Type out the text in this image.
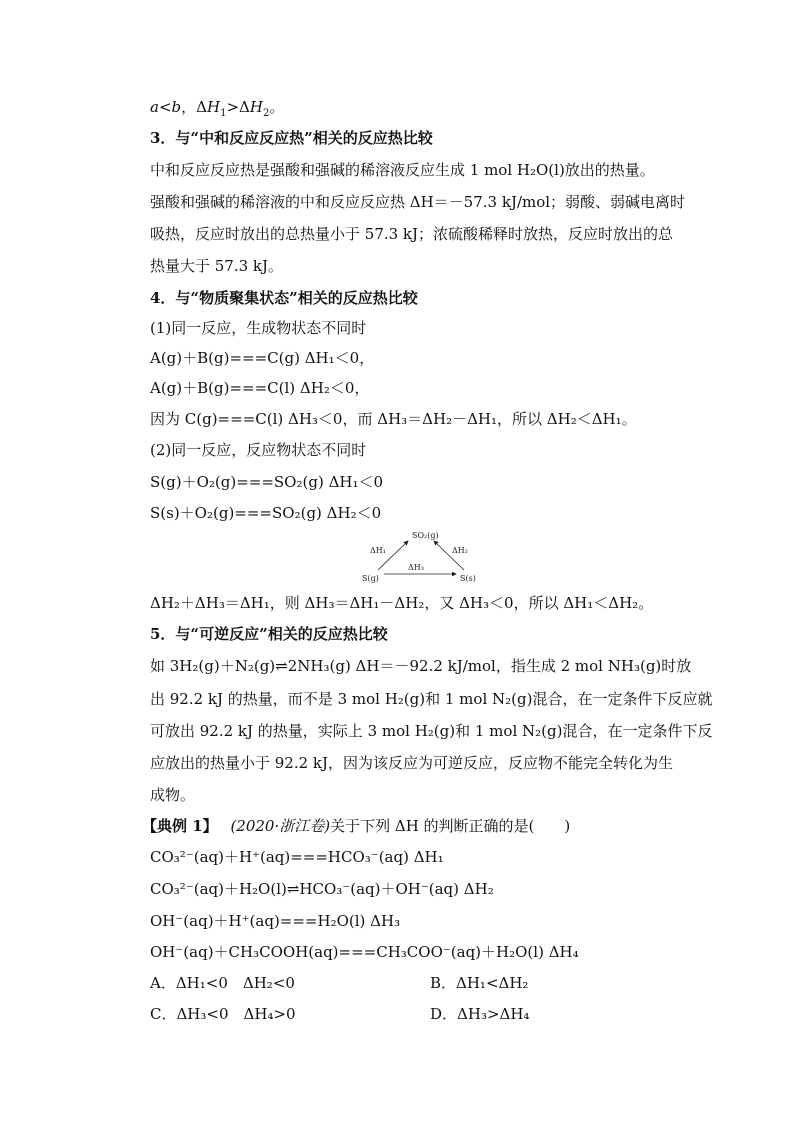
a<b，$\Delta H_1>\Delta H_2$。
3．与“中和反应反应热”相关的反应热比较
中和反应反应热是强酸和强碱的稀溶液反应生成 1 mol H₂O(l)放出的热量。
强酸和强碱的稀溶液的中和反应反应热 ΔH＝－57.3 kJ/mol；弱酸、弱碱电离时
吸热，反应时放出的总热量小于 57.3 kJ；浓硫酸稀释时放热，反应时放出的总
热量大于 57.3 kJ。
4．与“物质聚集状态”相关的反应热比较
(1)同一反应，生成物状态不同时
A(g)＋B(g)===C(g) ΔH₁＜0，
A(g)＋B(g)===C(l) ΔH₂＜0，
因为 C(g)===C(l) ΔH₃＜0，而 ΔH₃＝ΔH₂－ΔH₁，所以 ΔH₂＜ΔH₁。
(2)同一反应，反应物状态不同时
S(g)＋O₂(g)===SO₂(g) ΔH₁＜0
S(s)＋O₂(g)===SO₂(g) ΔH₂＜0
SO₂(g)
ΔH₁	ΔH₂
ΔH₃
S(g)	S(s)
ΔH₂＋ΔH₃＝ΔH₁，则 ΔH₃＝ΔH₁－ΔH₂，又 ΔH₃＜0，所以 ΔH₁＜ΔH₂。
5．与“可逆反应”相关的反应热比较
如 3H₂(g)＋N₂(g)⇌2NH₃(g) ΔH＝－92.2 kJ/mol，指生成 2 mol NH₃(g)时放
出 92.2 kJ 的热量，而不是 3 mol H₂(g)和 1 mol N₂(g)混合，在一定条件下反应就
可放出 92.2 kJ 的热量，实际上 3 mol H₂(g)和 1 mol N₂(g)混合，在一定条件下反
应放出的热量小于 92.2 kJ，因为该反应为可逆反应，反应物不能完全转化为生
成物。
【典例 1】 (2020·浙江卷)关于下列 ΔH 的判断正确的是(　　)
CO₃²⁻(aq)＋H⁺(aq)===HCO₃⁻(aq) ΔH₁
CO₃²⁻(aq)＋H₂O(l)⇌HCO₃⁻(aq)＋OH⁻(aq) ΔH₂
OH⁻(aq)＋H⁺(aq)===H₂O(l) ΔH₃
OH⁻(aq)＋CH₃COOH(aq)===CH₃COO⁻(aq)＋H₂O(l) ΔH₄
A．ΔH₁<0　ΔH₂<0	B．ΔH₁<ΔH₂
C．ΔH₃<0　ΔH₄>0	D．ΔH₃>ΔH₄
